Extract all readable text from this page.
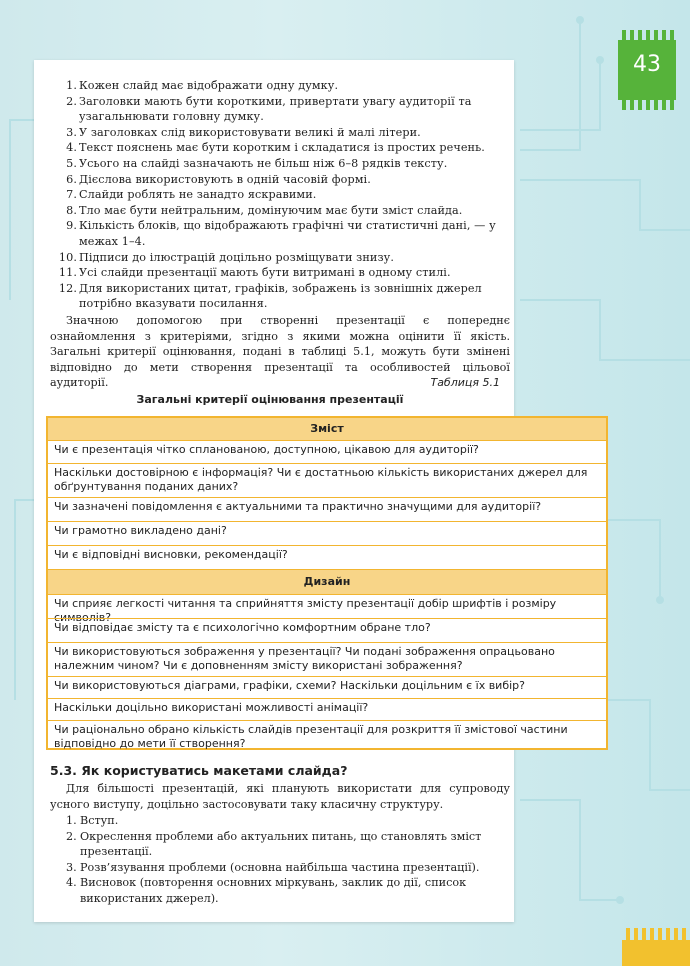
43
1. Кожен слайд має відображати одну думку.
2. Заголовки мають бути короткими, привертати увагу аудиторії та узагальнювати головну думку.
3. У заголовках слід використовувати великі й малі літери.
4. Текст пояснень має бути коротким і складатися із простих речень.
5. Усього на слайді зазначають не більш ніж 6–8 рядків тексту.
6. Дієслова використовують в одній часовій формі.
7. Слайди роблять не занадто яскравими.
8. Тло має бути нейтральним, домінуючим має бути зміст слайда.
9. Кількість блоків, що відображають графічні чи статистичні дані, — у межах 1–4.
10. Підписи до ілюстрацій доцільно розміщувати знизу.
11. Усі слайди презентації мають бути витримані в одному стилі.
12. Для використаних цитат, графіків, зображень із зовнішніх джерел потрібно вказувати посилання.

Значною допомогою при створенні презентації є попереднє ознайомлення з критеріями, згідно з якими можна оцінити її якість. Загальні критерії оцінювання, подані в таблиці 5.1, можуть бути змінені відповідно до мети створення презентації та особливостей цільової аудиторії.	Таблиця 5.1
Загальні критерії оцінювання презентації
Зміст
Чи є презентація чітко спланованою, доступною, цікавою для аудиторії?
Наскільки достовірною є інформація? Чи є достатньою кількість використаних джерел для обґрунтування поданих даних?
Чи зазначені повідомлення є актуальними та практично значущими для аудиторії?
Чи грамотно викладено дані?
Чи є відповідні висновки, рекомендації?
Дизайн
Чи сприяє легкості читання та сприйняття змісту презентації добір шрифтів і розміру символів?
Чи відповідає змісту та є психологічно комфортним обране тло?
Чи використовуються зображення у презентації? Чи подані зображення опрацьовано належним чином? Чи є доповненням змісту використані зображення?
Чи використовуються діаграми, графіки, схеми? Наскільки доцільним є їх вибір?
Наскільки доцільно використані можливості анімації?
Чи раціонально обрано кількість слайдів презентації для розкриття її змістової частини відповідно до мети її створення?
5.3. Як користуватись макетами слайда?

Для більшості презентацій, які планують використати для супроводу усного виступу, доцільно застосовувати таку класичну структуру.

1. Вступ.
2. Окреслення проблеми або актуальних питань, що становлять зміст презентації.
3. Розв’язування проблеми (основна найбільша частина презентації).
4. Висновок (повторення основних міркувань, заклик до дії, список використаних джерел).
